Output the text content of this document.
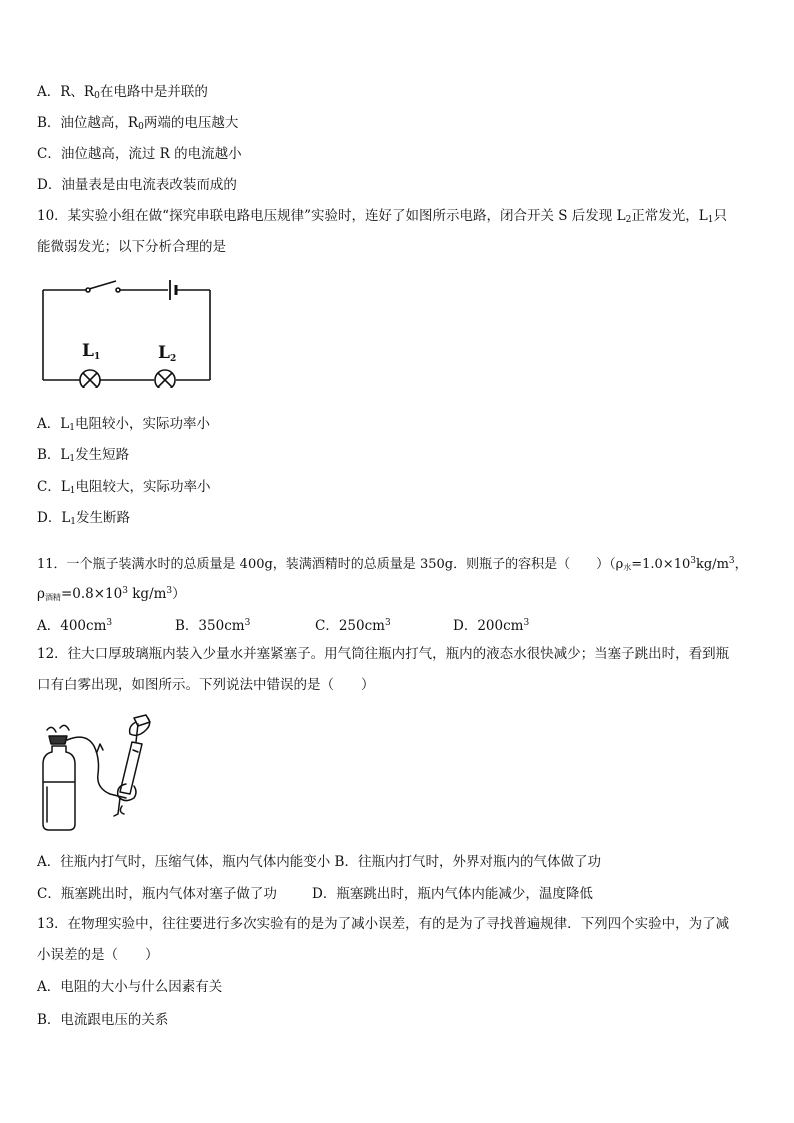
A．R、$R_0$在电路中是并联的
B．油位越高，$R_0$两端的电压越大
C．油位越高，流过 R 的电流越小
D．油量表是由电流表改装而成的
10．某实验小组在做“探究串联电路电压规律”实验时，连好了如图所示电路，闭合开关 S 后发现 $L_2$正常发光，$L_1$只
能微弱发光；以下分析合理的是
L1	L2
A．$L_1$电阻较小，实际功率小
B．$L_1$发生短路
C．$L_1$电阻较大，实际功率小
D．$L_1$发生断路
11．一个瓶子装满水时的总质量是 400g，装满酒精时的总质量是 350g．则瓶子的容积是（　　）（$\rho_水=1.0\times 10^3kg/m^3$，
$\rho_{酒精}=0.8\times 10^3$ $kg/m^3$）
A．$400cm^3$	B．$350cm^3$	C．$250cm^3$	D．$200cm^3$
12．往大口厚玻璃瓶内装入少量水并塞紧塞子。用气筒往瓶内打气，瓶内的液态水很快减少；当塞子跳出时，看到瓶
口有白雾出现，如图所示。下列说法中错误的是（　　）
A．往瓶内打气时，压缩气体，瓶内气体内能变小 B．往瓶内打气时，外界对瓶内的气体做了功
C．瓶塞跳出时，瓶内气体对塞子做了功	D．瓶塞跳出时，瓶内气体内能减少，温度降低
13．在物理实验中，往往要进行多次实验有的是为了减小误差，有的是为了寻找普遍规律．下列四个实验中，为了减
小误差的是（　　）
A．电阻的大小与什么因素有关
B．电流跟电压的关系
